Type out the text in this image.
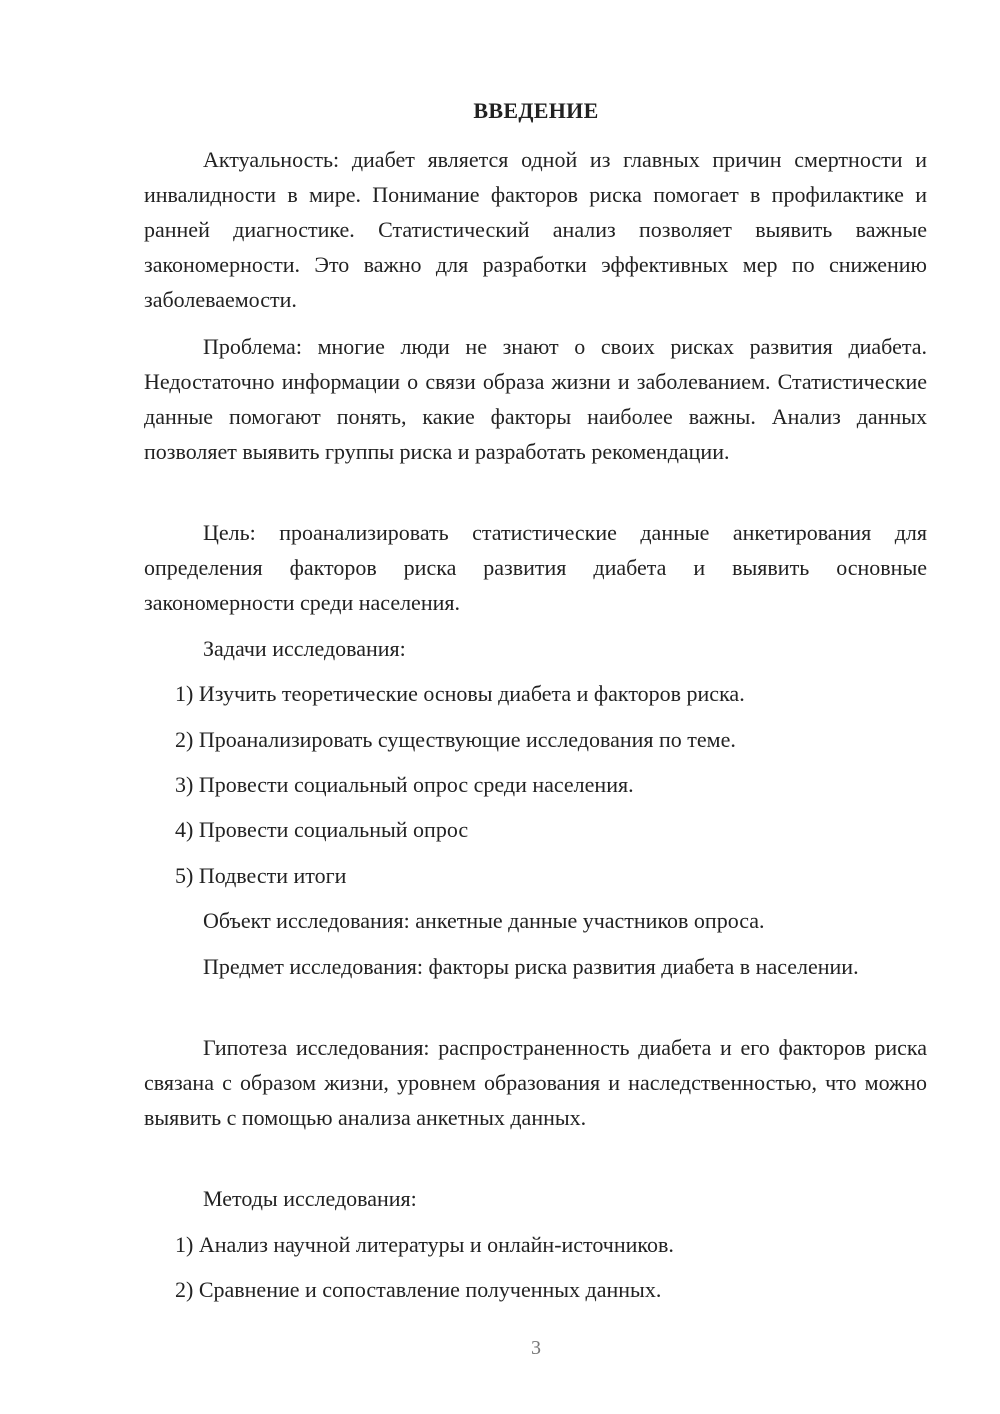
ВВЕДЕНИЕ

Актуальность: диабет является одной из главных причин смертности и инвалидности в мире. Понимание факторов риска помогает в профилактике и ранней диагностике. Статистический анализ позволяет выявить важные закономерности. Это важно для разработки эффективных мер по снижению заболеваемости.

Проблема: многие люди не знают о своих рисках развития диабета. Недостаточно информации о связи образа жизни и заболеванием. Статистические данные помогают понять, какие факторы наиболее важны. Анализ данных позволяет выявить группы риска и разработать рекомендации.

Цель: проанализировать статистические данные анкетирования для определения факторов риска развития диабета и выявить основные закономерности среди населения.

Задачи исследования:

1) Изучить теоретические основы диабета и факторов риска.

2) Проанализировать существующие исследования по теме.

3) Провести социальный опрос среди населения.

4) Провести социальный опрос

5) Подвести итоги

Объект исследования: анкетные данные участников опроса.

Предмет исследования: факторы риска развития диабета в населении.

Гипотеза исследования: распространенность диабета и его факторов риска связана с образом жизни, уровнем образования и наследственностью, что можно выявить с помощью анализа анкетных данных.

Методы исследования:

1) Анализ научной литературы и онлайн-источников.

2) Сравнение и сопоставление полученных данных.

3
